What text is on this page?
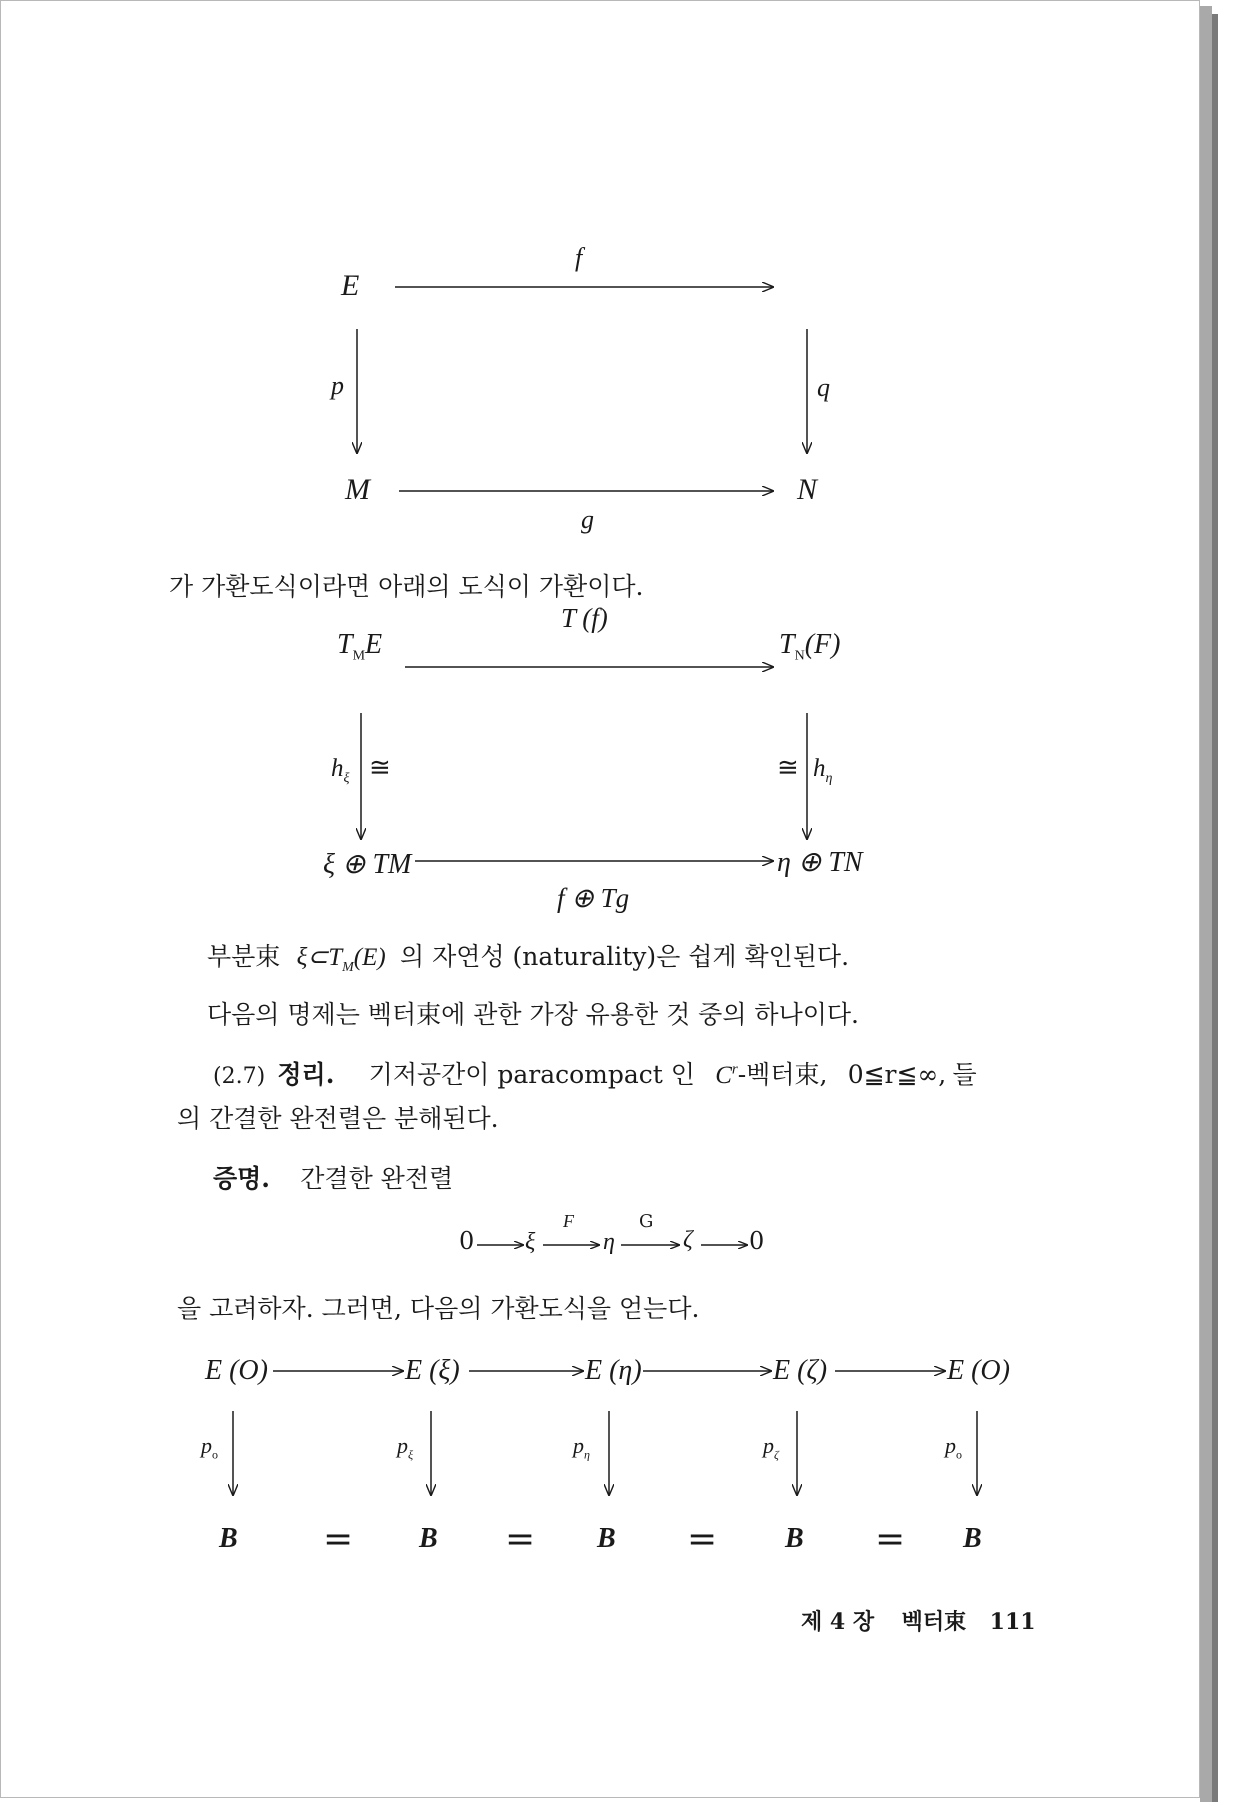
E
f
p	q
M	N
g
가 가환도식이라면 아래의 도식이 가환이다.
$T_ME$
T (f)
$T_N(F)$
$h_\xi$ ≅	≅ $h_\eta$
ξ ⊕ TM	η ⊕ TN
f ⊕ Tg
부분束 $\xi\subset T_M(E)$ 의 자연성 (naturality)은 쉽게 확인된다.
다음의 명제는 벡터束에 관한 가장 유용한 것 중의 하나이다.
(2.7) 정리. 기저공간이 paracompact 인 $C^r-$벡터束, 0≦r≦∞, 들
의 간결한 완전렬은 분해된다.
증명. 간결한 완전렬
0 ξ
F
η
G
ζ 0
을 고려하자. 그러면, 다음의 가환도식을 얻는다.
E (O)	E (ξ)	E (η)	E (ζ)	E (O)
$p_o$	$p_\xi$	$p_\eta$	$p_\zeta$	$p_o$
B = B = B = B = B
제 4 장 벡터束 111
